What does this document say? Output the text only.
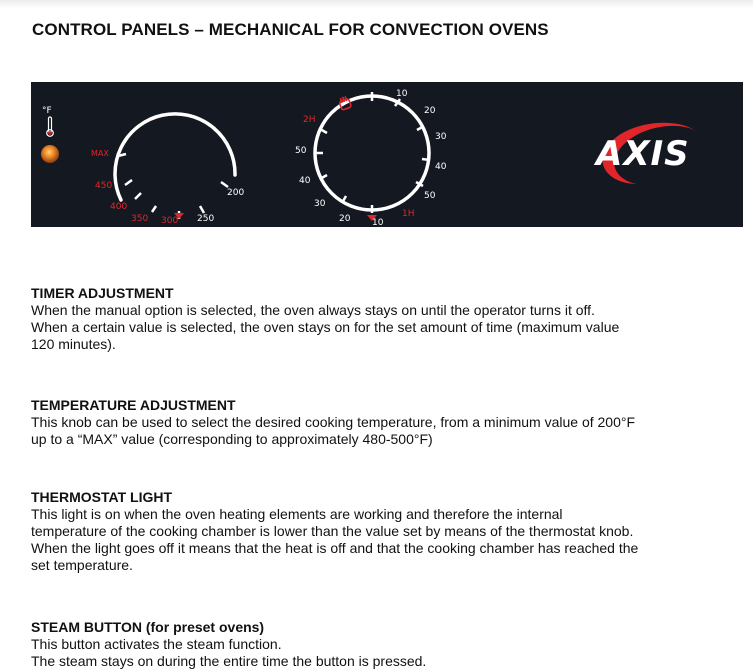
CONTROL PANELS – MECHANICAL FOR CONVECTION OVENS
°F
MAX
450
400
350 300 250
200
2H
50
40
30
20 10
10
20
30
40
50
1H
AXIS
TIMER ADJUSTMENT

When the manual option is selected, the oven always stays on until the operator turns it off.

When a certain value is selected, the oven stays on for the set amount of time (maximum value

120 minutes).

TEMPERATURE ADJUSTMENT

This knob can be used to select the desired cooking temperature, from a minimum value of 200°F

up to a “MAX” value (corresponding to approximately 480-500°F)

THERMOSTAT LIGHT

This light is on when the oven heating elements are working and therefore the internal

temperature of the cooking chamber is lower than the value set by means of the thermostat knob.

When the light goes off it means that the heat is off and that the cooking chamber has reached the

set temperature.

STEAM BUTTON (for preset ovens)

This button activates the steam function.

The steam stays on during the entire time the button is pressed.
